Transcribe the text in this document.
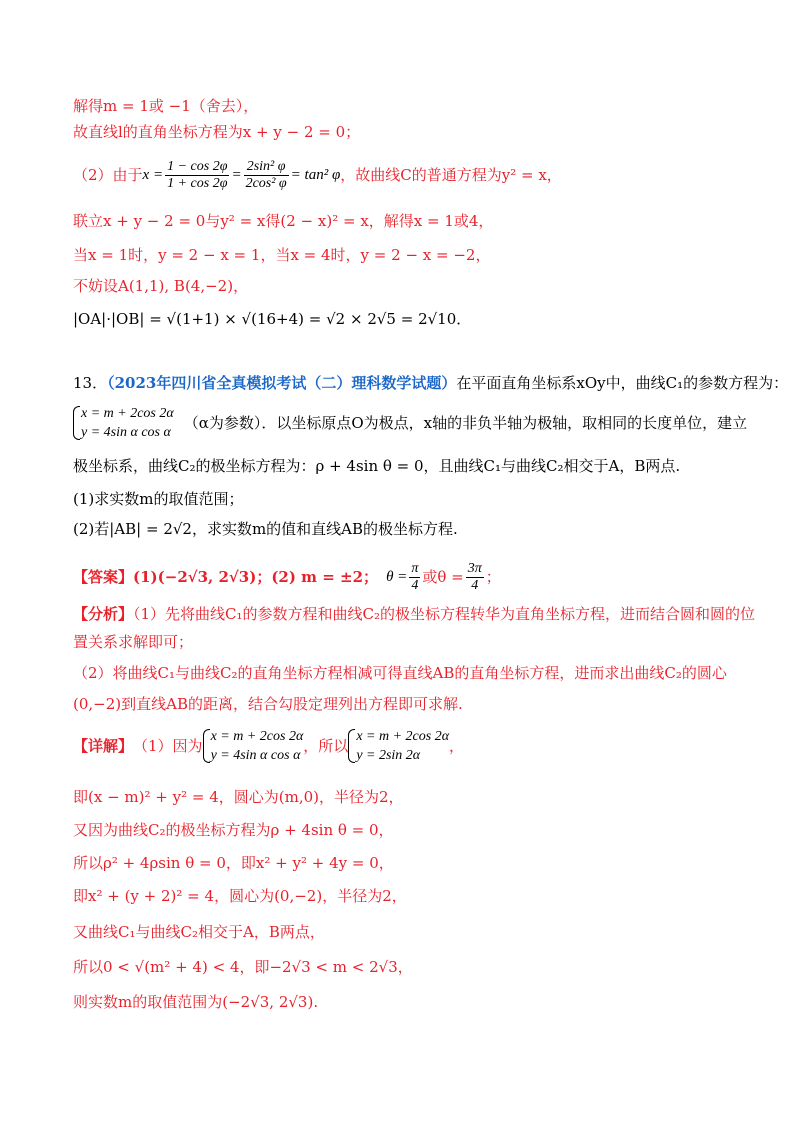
解得m = 1或 −1（舍去），
故直线l的直角坐标方程为x + y − 2 = 0；
（2）由于 $x = \frac{1 - \cos 2\varphi}{1 + \cos 2\varphi} = \frac{\text{2sin² φ}}{\text{2cos² φ}} = \tan^2$ φ ，故曲线C的普通方程为y² = x，
联立x + y − 2 = 0与y² = x得(2 − x)² = x，解得x = 1或4，
当x = 1时，y = 2 − x = 1，当x = 4时，y = 2 − x = −2，
不妨设A(1,1), B(4,−2)，
|OA|·|OB| = √(1+1) × √(16+4) = √2 × 2√5 = 2√10．
13．（2023年四川省全真模拟考试（二）理科数学试题）在平面直角坐标系xOy中，曲线C₁的参数方程为：
x = m + 2cos 2α
y = 4sin α cos α
（α为参数）．以坐标原点O为极点，x轴的非负半轴为极轴，取相同的长度单位，建立
极坐标系，曲线C₂的极坐标方程为：ρ + 4sin θ = 0，且曲线C₁与曲线C₂相交于A，B两点.
(1)求实数m的取值范围；
(2)若|AB| = 2√2，求实数m的值和直线AB的极坐标方程.
【答案】 (1)(−2√3, 2√3)；(2) m = ±2； $\theta = \frac{\pi}{4}$ 或$\theta = \frac{3\pi}{4}$ ；
【分析】（1）先将曲线C₁的参数方程和曲线C₂的极坐标方程转华为直角坐标方程，进而结合圆和圆的位
置关系求解即可；
（2）将曲线C₁与曲线C₂的直角坐标方程相减可得直线AB的直角坐标方程，进而求出曲线C₂的圆心
(0,−2)到直线AB的距离，结合勾股定理列出方程即可求解.
【详解】 （1）因为
x = m + 2cos 2α
y = 4sin α cos α
，所以
x = m + 2cos 2α
y = 2sin 2α
，
即(x − m)² + y² = 4，圆心为(m,0)，半径为2，
又因为曲线C₂的极坐标方程为ρ + 4sin θ = 0，
所以ρ² + 4ρsin θ = 0，即x² + y² + 4y = 0，
即x² + (y + 2)² = 4，圆心为(0,−2)，半径为2，
又曲线C₁与曲线C₂相交于A，B两点，
所以0 < √(m² + 4) < 4，即−2√3 < m < 2√3，
则实数m的取值范围为(−2√3, 2√3).
